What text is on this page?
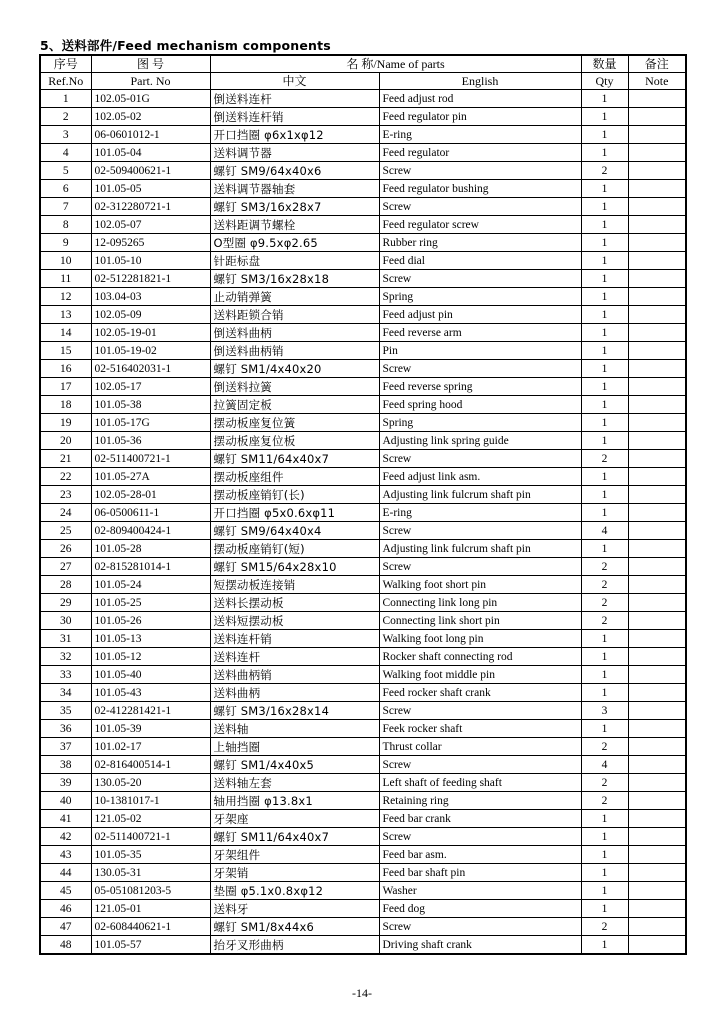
5、送料部件/Feed mechanism components
序号	图 号	名 称/Name of parts		数量	备注
Ref.No	Part. No	中文	English	Qty	Note
1	102.05-01G	倒送料连杆	Feed adjust rod	1	
2	102.05-02	倒送料连杆销	Feed regulator pin	1	
3	06-0601012-1	开口挡圈 φ6x1xφ12	E-ring	1	
4	101.05-04	送料调节器	Feed regulator	1	
5	02-509400621-1	螺钉 SM9/64x40x6	Screw	2	
6	101.05-05	送料调节器轴套	Feed regulator bushing	1	
7	02-312280721-1	螺钉 SM3/16x28x7	Screw	1	
8	102.05-07	送料距调节螺栓	Feed regulator screw	1	
9	12-095265	O型圈 φ9.5xφ2.65	Rubber ring	1	
10	101.05-10	针距标盘	Feed dial	1	
11	02-512281821-1	螺钉 SM3/16x28x18	Screw	1	
12	103.04-03	止动销弹簧	Spring	1	
13	102.05-09	送料距锁合销	Feed adjust pin	1	
14	102.05-19-01	倒送料曲柄	Feed reverse arm	1	
15	101.05-19-02	倒送料曲柄销	Pin	1	
16	02-516402031-1	螺钉 SM1/4x40x20	Screw	1	
17	102.05-17	倒送料拉簧	Feed reverse spring	1	
18	101.05-38	拉簧固定板	Feed spring hood	1	
19	101.05-17G	摆动板座复位簧	Spring	1	
20	101.05-36	摆动板座复位板	Adjusting link spring guide	1	
21	02-511400721-1	螺钉 SM11/64x40x7	Screw	2	
22	101.05-27A	摆动板座组件	Feed adjust link asm.	1	
23	102.05-28-01	摆动板座销钉(长)	Adjusting link fulcrum shaft pin	1	
24	06-0500611-1	开口挡圈 φ5x0.6xφ11	E-ring	1	
25	02-809400424-1	螺钉 SM9/64x40x4	Screw	4	
26	101.05-28	摆动板座销钉(短)	Adjusting link fulcrum shaft pin	1	
27	02-815281014-1	螺钉 SM15/64x28x10	Screw	2	
28	101.05-24	短摆动板连接销	Walking foot short pin	2	
29	101.05-25	送料长摆动板	Connecting link long pin	2	
30	101.05-26	送料短摆动板	Connecting link short pin	2	
31	101.05-13	送料连杆销	Walking foot long pin	1	
32	101.05-12	送料连杆	Rocker shaft connecting rod	1	
33	101.05-40	送料曲柄销	Walking foot middle pin	1	
34	101.05-43	送料曲柄	Feed rocker shaft crank	1	
35	02-412281421-1	螺钉 SM3/16x28x14	Screw	3	
36	101.05-39	送料轴	Feek rocker shaft	1	
37	101.02-17	上轴挡圈	Thrust collar	2	
38	02-816400514-1	螺钉 SM1/4x40x5	Screw	4	
39	130.05-20	送料轴左套	Left shaft of feeding shaft	2	
40	10-1381017-1	轴用挡圈 φ13.8x1	Retaining ring	2	
41	121.05-02	牙架座	Feed bar crank	1	
42	02-511400721-1	螺钉 SM11/64x40x7	Screw	1	
43	101.05-35	牙架组件	Feed bar asm.	1	
44	130.05-31	牙架销	Feed bar shaft pin	1	
45	05-051081203-5	垫圈 φ5.1x0.8xφ12	Washer	1	
46	121.05-01	送料牙	Feed dog	1	
47	02-608440621-1	螺钉 SM1/8x44x6	Screw	2	
48	101.05-57	抬牙叉形曲柄	Driving shaft crank	1	
-14-
